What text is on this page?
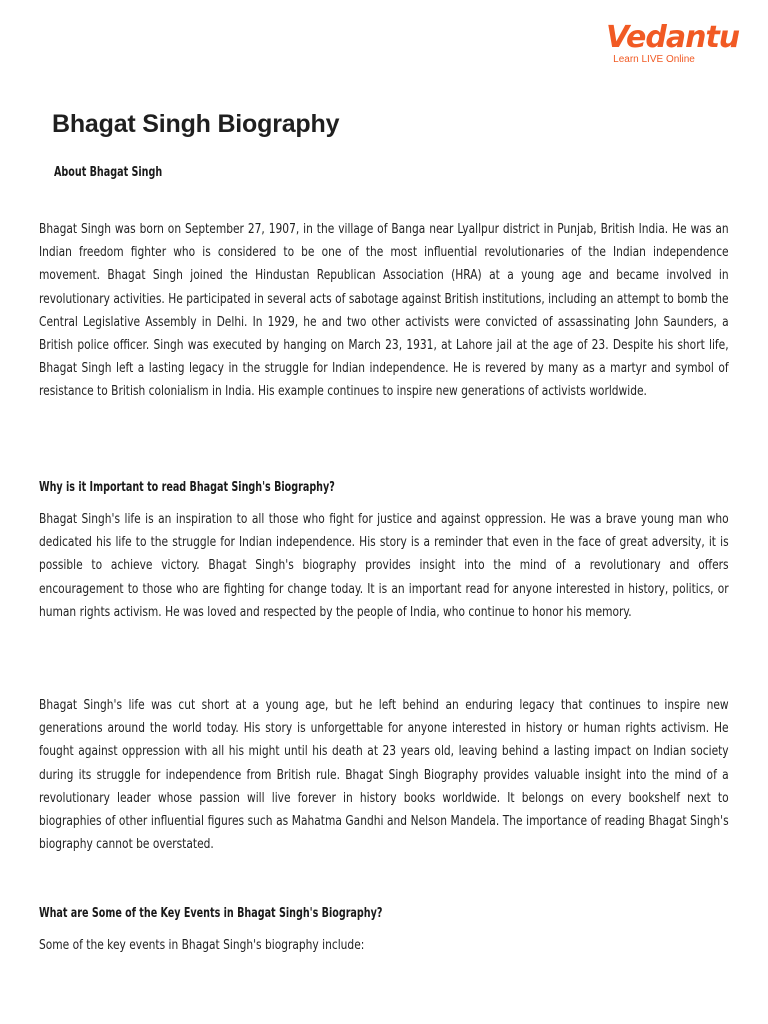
Vedantu
Learn LIVE Online
Bhagat Singh Biography
About Bhagat Singh

Bhagat Singh was born on September 27, 1907, in the village of Banga near Lyallpur district in Punjab, British India. He was an Indian freedom fighter who is considered to be one of the most influential revolutionaries of the Indian independence movement. Bhagat Singh joined the Hindustan Republican Association (HRA) at a young age and became involved in revolutionary activities. He participated in several acts of sabotage against British institutions, including an attempt to bomb the Central Legislative Assembly in Delhi. In 1929, he and two other activists were convicted of assassinating John Saunders, a British police officer. Singh was executed by hanging on March 23, 1931, at Lahore jail at the age of 23. Despite his short life, Bhagat Singh left a lasting legacy in the struggle for Indian independence. He is revered by many as a martyr and symbol of resistance to British colonialism in India. His example continues to inspire new generations of activists worldwide.

Why is it Important to read Bhagat Singh's Biography?

Bhagat Singh's life is an inspiration to all those who fight for justice and against oppression. He was a brave young man who dedicated his life to the struggle for Indian independence. His story is a reminder that even in the face of great adversity, it is possible to achieve victory. Bhagat Singh's biography provides insight into the mind of a revolutionary and offers encouragement to those who are fighting for change today. It is an important read for anyone interested in history, politics, or human rights activism. He was loved and respected by the people of India, who continue to honor his memory.

Bhagat Singh's life was cut short at a young age, but he left behind an enduring legacy that continues to inspire new generations around the world today. His story is unforgettable for anyone interested in history or human rights activism. He fought against oppression with all his might until his death at 23 years old, leaving behind a lasting impact on Indian society during its struggle for independence from British rule. Bhagat Singh Biography provides valuable insight into the mind of a revolutionary leader whose passion will live forever in history books worldwide. It belongs on every bookshelf next to biographies of other influential figures such as Mahatma Gandhi and Nelson Mandela. The importance of reading Bhagat Singh's biography cannot be overstated.

What are Some of the Key Events in Bhagat Singh's Biography?

Some of the key events in Bhagat Singh's biography include:
